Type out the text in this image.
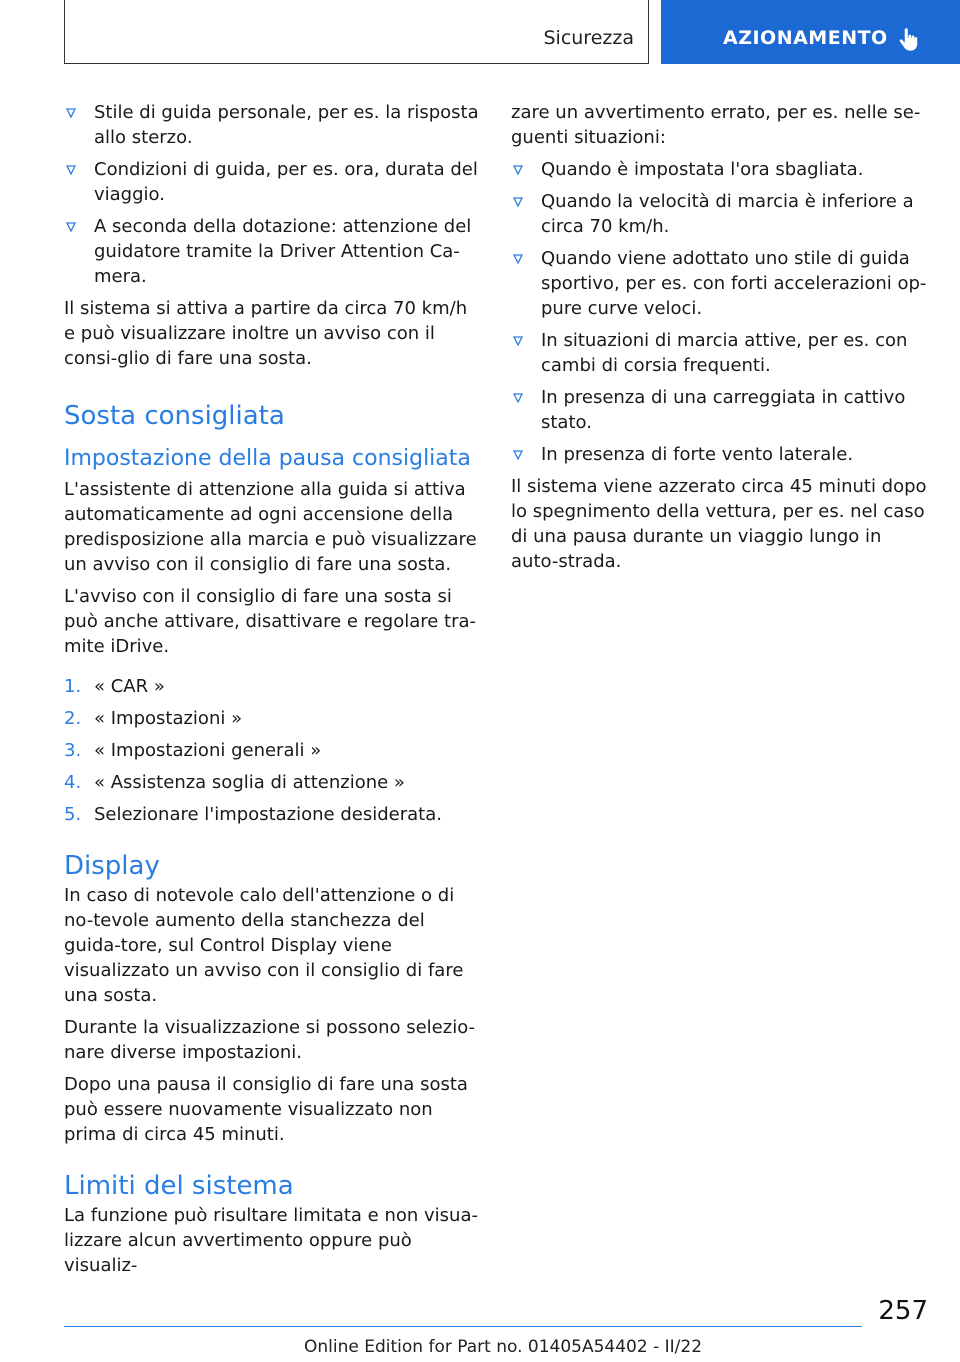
Sicurezza	AZIONAMENTO
Stile di guida personale, per es. la risposta allo sterzo.
Condizioni di guida, per es. ora, durata del viaggio.
A seconda della dotazione: attenzione del guidatore tramite la Driver Attention Ca-mera.

Il sistema si attiva a partire da circa 70 km/h e può visualizzare inoltre un avviso con il consi-glio di fare una sosta.

Sosta consigliata
Impostazione della pausa consigliata

L'assistente di attenzione alla guida si attiva automaticamente ad ogni accensione della predisposizione alla marcia e può visualizzare un avviso con il consiglio di fare una sosta.

L'avviso con il consiglio di fare una sosta si può anche attivare, disattivare e regolare tra-mite iDrive.

1. « CAR »
2. « Impostazioni »
3. « Impostazioni generali »
4. « Assistenza soglia di attenzione »
5. Selezionare l'impostazione desiderata.
Display

In caso di notevole calo dell'attenzione o di no-tevole aumento della stanchezza del guida-tore, sul Control Display viene visualizzato un avviso con il consiglio di fare una sosta.

Durante la visualizzazione si possono selezio-nare diverse impostazioni.

Dopo una pausa il consiglio di fare una sosta può essere nuovamente visualizzato non prima di circa 45 minuti.

Limiti del sistema

La funzione può risultare limitata e non visua-lizzare alcun avvertimento oppure può visualiz-

zare un avvertimento errato, per es. nelle se-guenti situazioni:

Quando è impostata l'ora sbagliata.
Quando la velocità di marcia è inferiore a circa 70 km/h.
Quando viene adottato uno stile di guida sportivo, per es. con forti accelerazioni op-pure curve veloci.
In situazioni di marcia attive, per es. con cambi di corsia frequenti.
In presenza di una carreggiata in cattivo stato.
In presenza di forte vento laterale.

Il sistema viene azzerato circa 45 minuti dopo lo spegnimento della vettura, per es. nel caso di una pausa durante un viaggio lungo in auto-strada.

257
Online Edition for Part no. 01405A54402 - II/22
